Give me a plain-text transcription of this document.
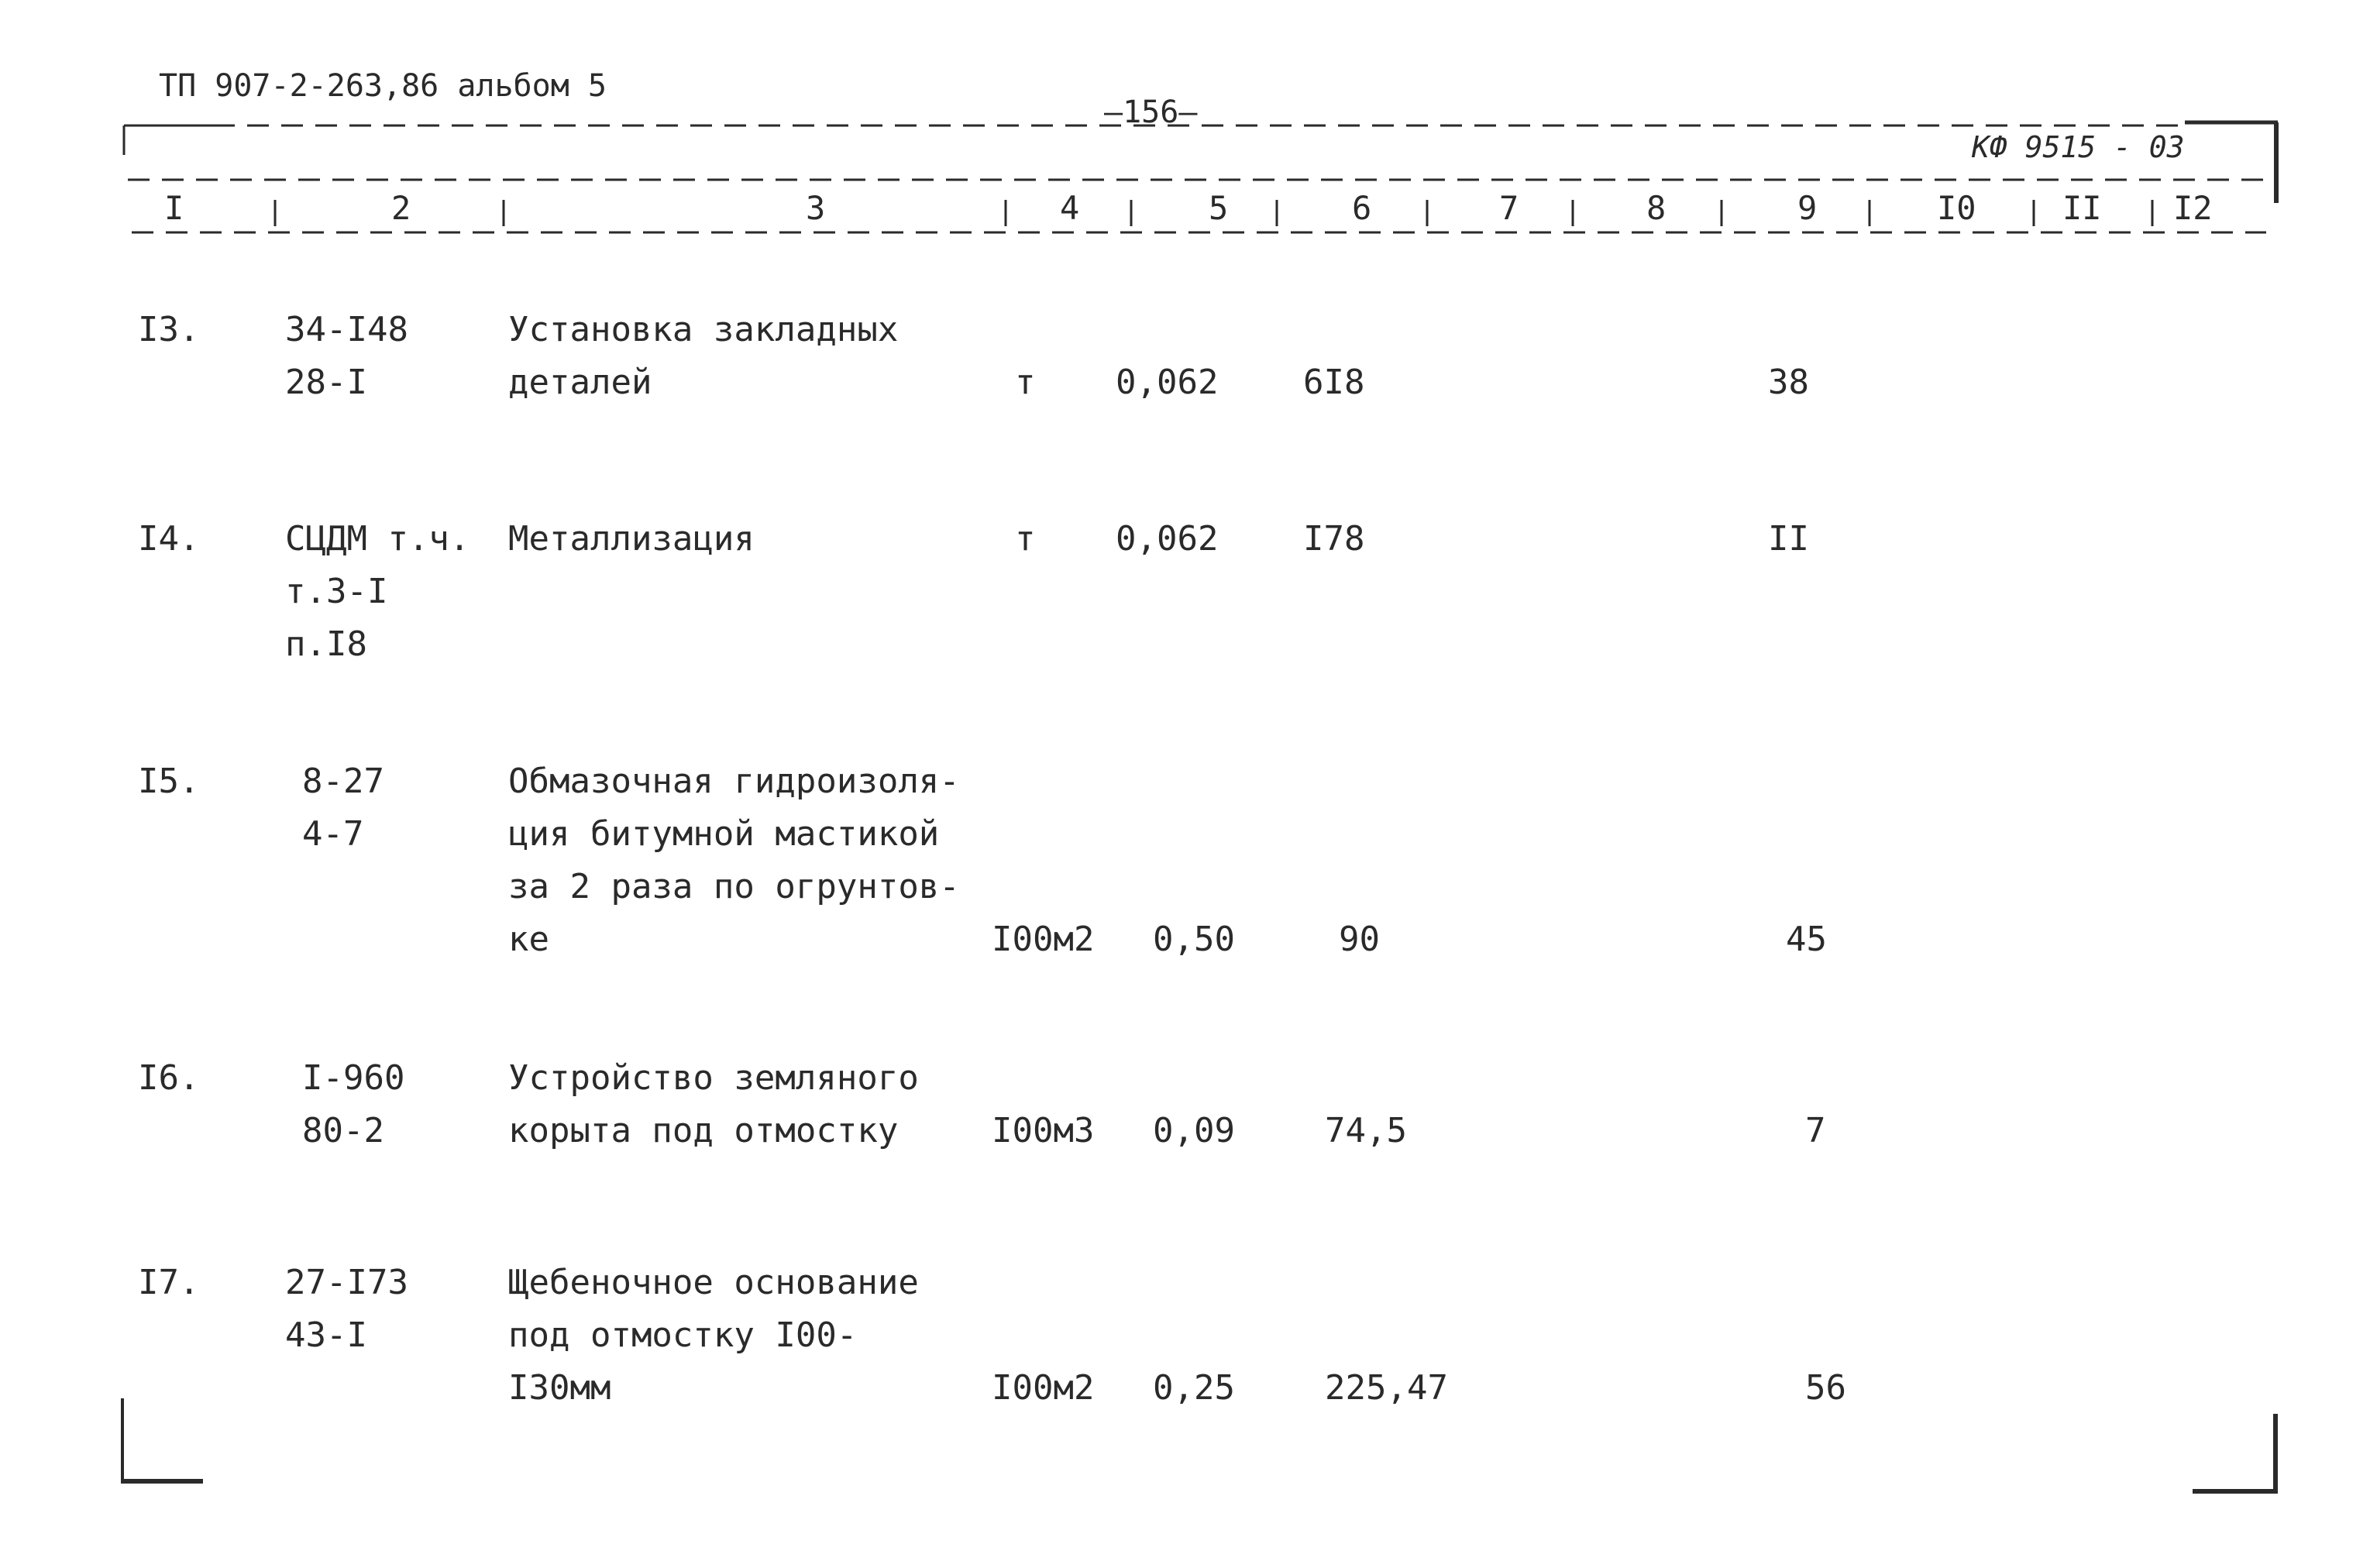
ТП 907-2-263,86 альбом 5
—156—
КФ 9515 - 03
I	2	3	4	5	6	7	8	9	I0	II I2
I3.	34-I48
28-I
Установка закладных
деталей	т 0,062 6I8	38
I4.	СЦДМ т.ч.
т.3-I
п.I8
Металлизация	т 0,062 I78	II
I5.	8-27
4-7
Обмазочная гидроизоля-
ция битумной мастикой
за 2 раза по огрунтов-
ке	I00м2 0,50	90	45
I6.	I-960
80-2
Устройство земляного
корыта под отмостку	I00м3 0,09	74,5	7
I7.	27-I73
43-I
Щебеночное основание
под отмостку I00-
I30мм	I00м2 0,25	225,47	56
